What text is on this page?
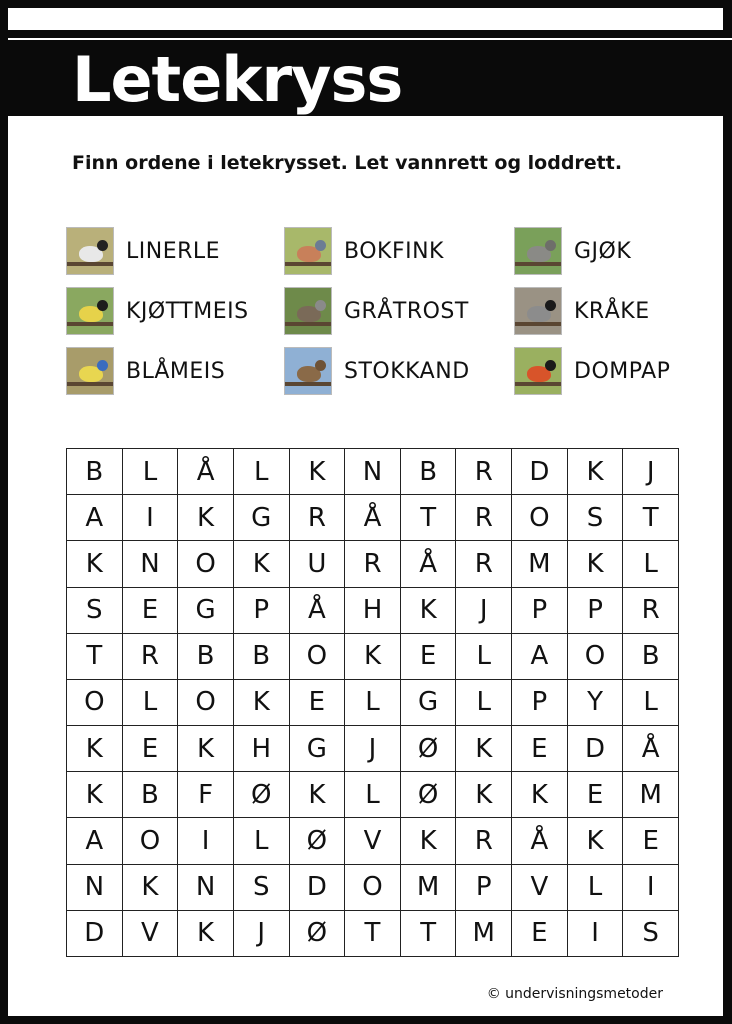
Letekryss
Finn ordene i letekrysset. Let vannrett og loddrett.
LINERLE	BOKFINK	GJØK
KJØTTMEIS	GRÅTROST	KRÅKE
BLÅMEIS	STOKKAND	DOMPAP
B	L	Å	L	K	N	B	R	D	K	J
A	I	K	G	R	Å	T	R	O	S	T
K	N	O	K	U	R	Å	R	M	K	L
S	E	G	P	Å	H	K	J	P	P	R
T	R	B	B	O	K	E	L	A	O	B
O	L	O	K	E	L	G	L	P	Y	L
K	E	K	H	G	J	Ø	K	E	D	Å
K	B	F	Ø	K	L	Ø	K	K	E	M
A	O	I	L	Ø	V	K	R	Å	K	E
N	K	N	S	D	O	M	P	V	L	I
D	V	K	J	Ø	T	T	M	E	I	S
© undervisningsmetoder
